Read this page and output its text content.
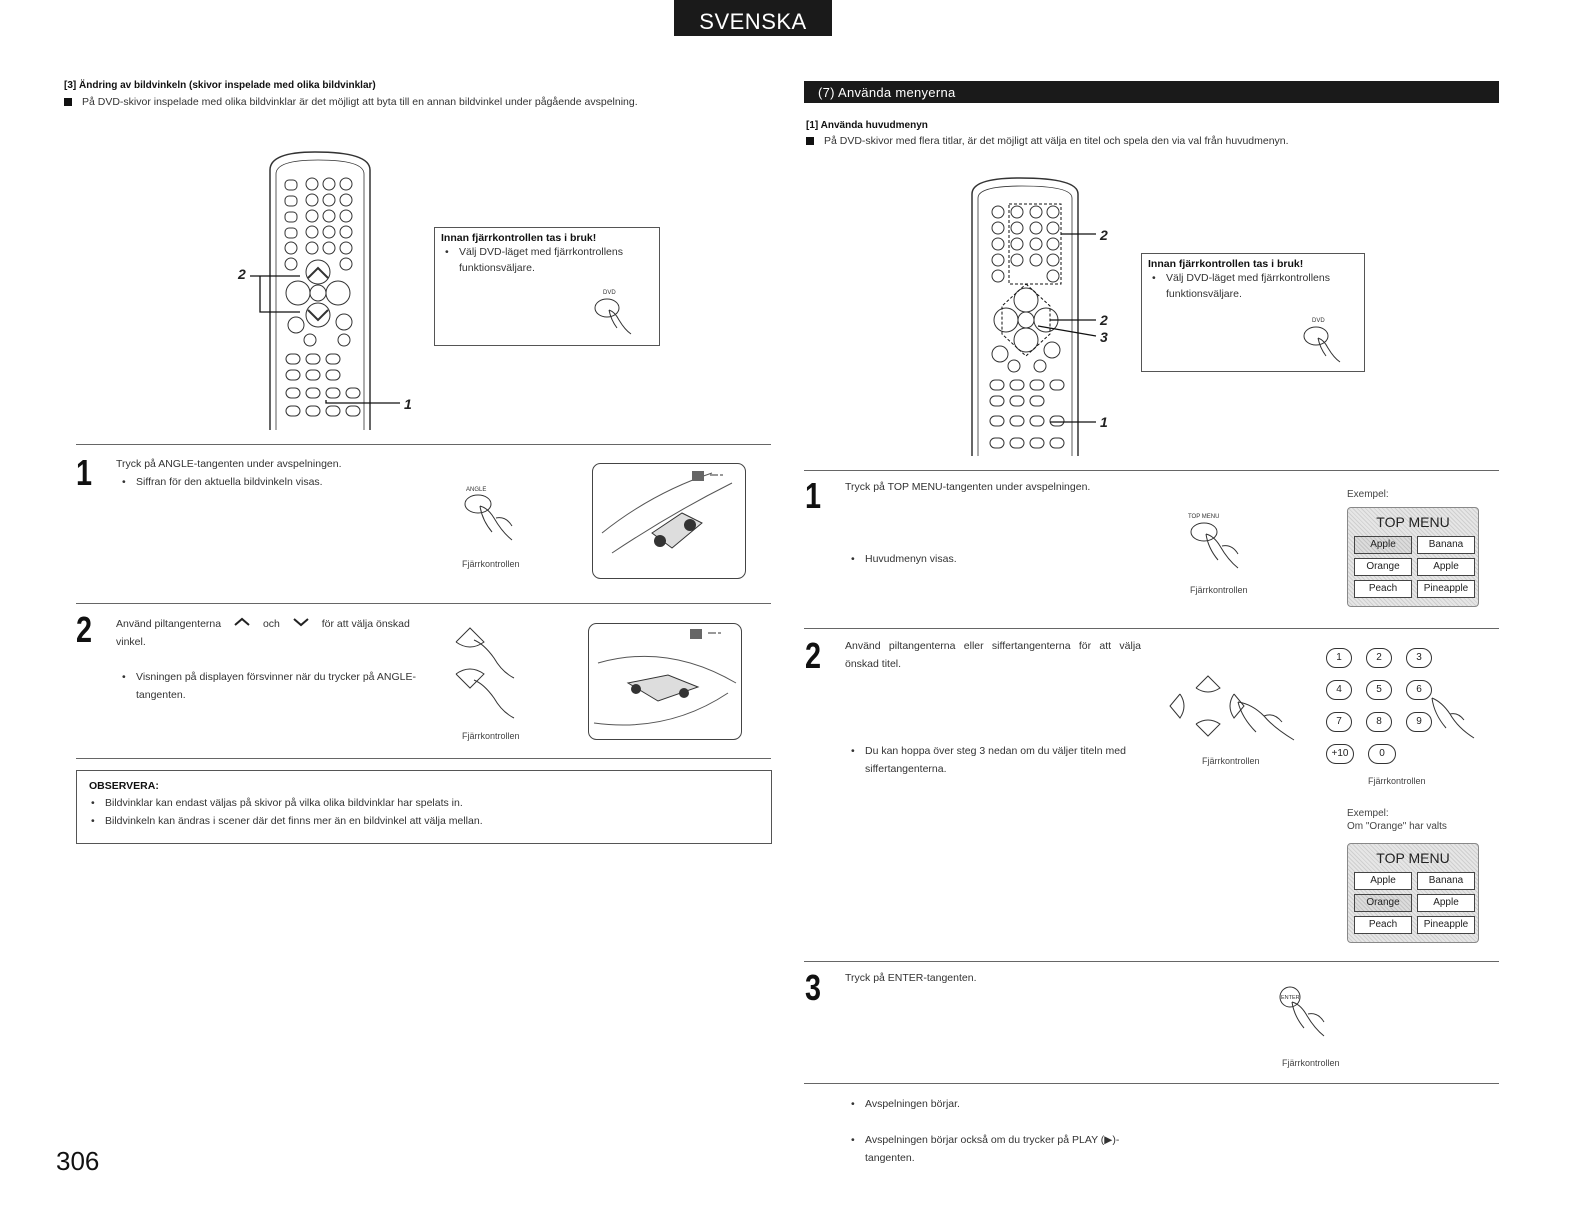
SVENSKA
[3] Ändring av bildvinkeln (skivor inspelade med olika bildvinklar)
På DVD-skivor inspelade med olika bildvinklar är det möjligt att byta till en annan bildvinkel under pågående avspelning.
2
1
Innan fjärrkontrollen tas i bruk!
• Välj DVD-läget med fjärrkontrollens funktionsväljare.
DVD
1 Tryck på ANGLE-tangenten under avspelningen.
• Siffran för den aktuella bildvinkeln visas.
ANGLE
Fjärrkontrollen
2 Använd piltangenterna	och	för att välja önskad vinkel.
• Visningen på displayen försvinner när du trycker på ANGLE-tangenten.
Fjärrkontrollen
OBSERVERA:
• Bildvinklar kan endast väljas på skivor på vilka olika bildvinklar har spelats in.
• Bildvinkeln kan ändras i scener där det finns mer än en bildvinkel att välja mellan.
306
(7) Använda menyerna
[1] Använda huvudmenyn
På DVD-skivor med flera titlar, är det möjligt att välja en titel och spela den via val från huvudmenyn.
2
2
3
1
Innan fjärrkontrollen tas i bruk!
• Välj DVD-läget med fjärrkontrollens funktionsväljare.
DVD
1 Tryck på TOP MENU-tangenten under avspelningen.
• Huvudmenyn visas.
TOP MENU
Fjärrkontrollen
Exempel:
TOP MENU
Apple	Banana
Orange	Apple
Peach	Pineapple
2 Använd piltangenterna eller siffertangenterna för att välja önskad titel.
• Du kan hoppa över steg 3 nedan om du väljer titeln med siffertangenterna.
Fjärrkontrollen
1	2	3
4	5	6
7	8	9
+10	0
Fjärrkontrollen
Exempel:
Om "Orange" har valts
TOP MENU
Apple	Banana
Orange	Apple
Peach	Pineapple
3 Tryck på ENTER-tangenten.
• Avspelningen börjar.
• Avspelningen börjar också om du trycker på PLAY (▶)-tangenten.
ENTER
Fjärrkontrollen
